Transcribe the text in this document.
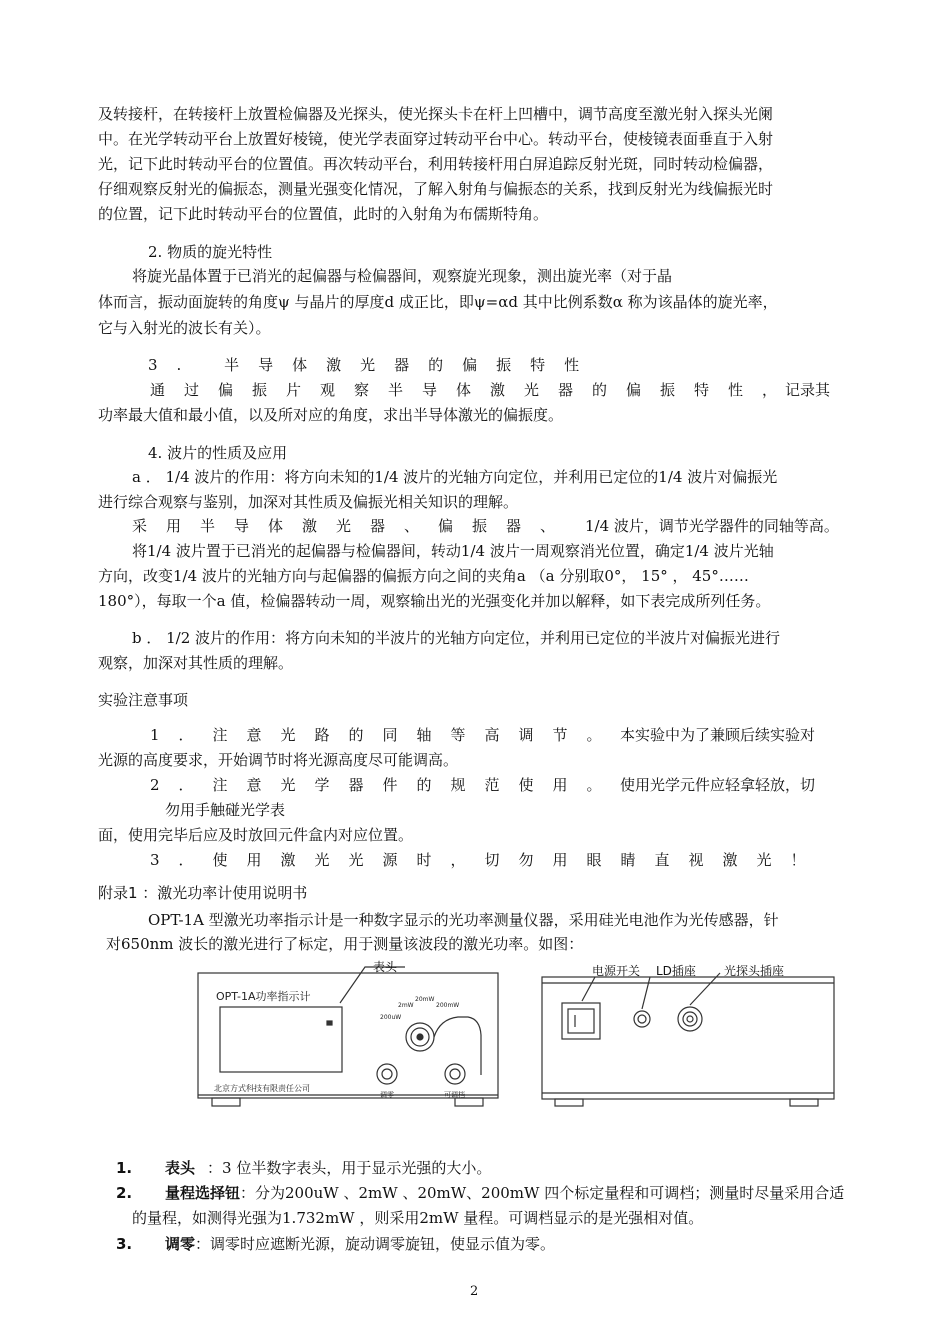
及转接杆，在转接杆上放置检偏器及光探头，使光探头卡在杆上凹槽中，调节高度至激光射入探头光阑
中。在光学转动平台上放置好棱镜，使光学表面穿过转动平台中心。转动平台，使棱镜表面垂直于入射
光，记下此时转动平台的位置值。再次转动平台，利用转接杆用白屏追踪反射光斑，同时转动检偏器，
仔细观察反射光的偏振态，测量光强变化情况，了解入射角与偏振态的关系，找到反射光为线偏振光时
的位置，记下此时转动平台的位置值，此时的入射角为布儒斯特角。
2. 物质的旋光特性
将旋光晶体置于已消光的起偏器与检偏器间，观察旋光现象，测出旋光率（对于晶
体而言，振动面旋转的角度ψ 与晶片的厚度d 成正比，即ψ=αd 其中比例系数α 称为该晶体的旋光率，
它与入射光的波长有关）。
3. 半导体激光器的偏振特性
通过偏振片观察半导体激光器的偏振特性，
记录其
功率最大值和最小值，以及所对应的角度，求出半导体激光的偏振度。
4. 波片的性质及应用
a ． 1/4 波片的作用：将方向未知的1/4 波片的光轴方向定位，并利用已定位的1/4 波片对偏振光
进行综合观察与鉴别，加深对其性质及偏振光相关知识的理解。
采用半导体激光器、偏振器、 1/4 波片，调节光学器件的同轴等高。
将1/4 波片置于已消光的起偏器与检偏器间，转动1/4 波片一周观察消光位置，确定1/4 波片光轴
方向，改变1/4 波片的光轴方向与起偏器的偏振方向之间的夹角a （a 分别取0°， 15° ， 45°……
180°），每取一个a 值，检偏器转动一周，观察输出光的光强变化并加以解释，如下表完成所列任务。
b ． 1/2 波片的作用：将方向未知的半波片的光轴方向定位，并利用已定位的半波片对偏振光进行
观察，加深对其性质的理解。
实验注意事项
1．注意光路的同轴等高调节。 本实验中为了兼顾后续实验对
光源的高度要求，开始调节时将光源高度尽可能调高。
2．注意光学器件的规范使用。 使用光学元件应轻拿轻放，切
勿用手触碰光学表
面，使用完毕后应及时放回元件盒内对应位置。
3．使用激光光源时，切勿用眼睛直视激光！
附录1 ：激光功率计使用说明书
OPT-1A 型激光功率指示计是一种数字显示的光功率测量仪器，采用硅光电池作为光传感器，针
对650nm 波长的激光进行了标定，用于测量该波段的激光功率。如图：
表头
OPT-1A功率指示计
北京方式科技有限责任公司
调零	可调档
200uW
2mW
20mW
200mW
电源开关 LD插座 光探头插座
1. 表头 ：3 位半数字表头，用于显示光强的大小。
2. 量程选择钮：分为200uW 、2mW 、20mW、200mW 四个标定量程和可调档；测量时尽量采用合适
的量程，如测得光强为1.732mW ，则采用2mW 量程。可调档显示的是光强相对值。
3. 调零：调零时应遮断光源，旋动调零旋钮，使显示值为零。
2
